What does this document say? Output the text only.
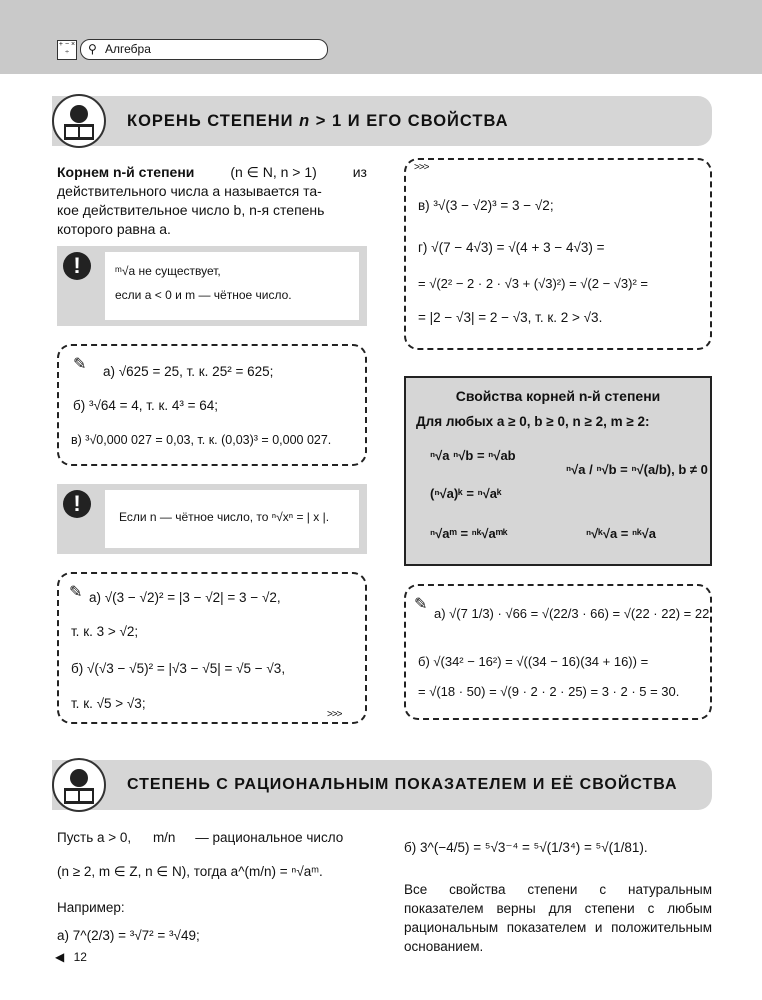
+ − × ÷	⚲ Алгебра
КОРЕНЬ СТЕПЕНИ n > 1 И ЕГО СВОЙСТВА
Корнем n-й степени	(n ∈ N, n > 1)	из
действительного числа a называется та-
кое действительное число b, n-я степень
которого равна a.
!	ᵐ√a не существует,
если a < 0 и m — чётное число.
✎ а) √625 = 25, т. к. 25² = 625;
б) ³√64 = 4, т. к. 4³ = 64;
в) ³√0,000 027 = 0,03, т. к. (0,03)³ = 0,000 027.
!
Если n — чётное число, то ⁿ√xⁿ = | x |.
✎ а) √(3 − √2)² = |3 − √2| = 3 − √2,
т. к. 3 > √2;
б) √(√3 − √5)² = |√3 − √5| = √5 − √3,
т. к. √5 > √3;
>>>
>>>
в) ³√(3 − √2)³ = 3 − √2;
г) √(7 − 4√3) = √(4 + 3 − 4√3) =
= √(2² − 2 · 2 · √3 + (√3)²) = √(2 − √3)² =
= |2 − √3| = 2 − √3, т. к. 2 > √3.
Свойства корней n-й степени
Для любых a ≥ 0, b ≥ 0, n ≥ 2, m ≥ 2:
ⁿ√a ⁿ√b = ⁿ√ab
ⁿ√a / ⁿ√b = ⁿ√(a/b), b ≠ 0
(ⁿ√a)ᵏ = ⁿ√aᵏ
ⁿ√aᵐ = ⁿᵏ√aᵐᵏ	ⁿ√ᵏ√a = ⁿᵏ√a
✎
а) √(7 1/3) · √66 = √(22/3 · 66) = √(22 · 22) = 22;
б) √(34² − 16²) = √((34 − 16)(34 + 16)) =
= √(18 · 50) = √(9 · 2 · 2 · 25) = 3 · 2 · 5 = 30.
СТЕПЕНЬ С РАЦИОНАЛЬНЫМ ПОКАЗАТЕЛЕМ И ЕЁ СВОЙСТВА
Пусть a > 0, m/n — рациональное число
(n ≥ 2, m ∈ Z, n ∈ N), тогда a^(m/n) = ⁿ√aᵐ.
Например:
а) 7^(2/3) = ³√7² = ³√49;
б) 3^(−4/5) = ⁵√3⁻⁴ = ⁵√(1/3⁴) = ⁵√(1/81).
Все свойства степени с натуральным показателем верны для степени с любым рациональным показателем и положительным основанием.
◀ 12
